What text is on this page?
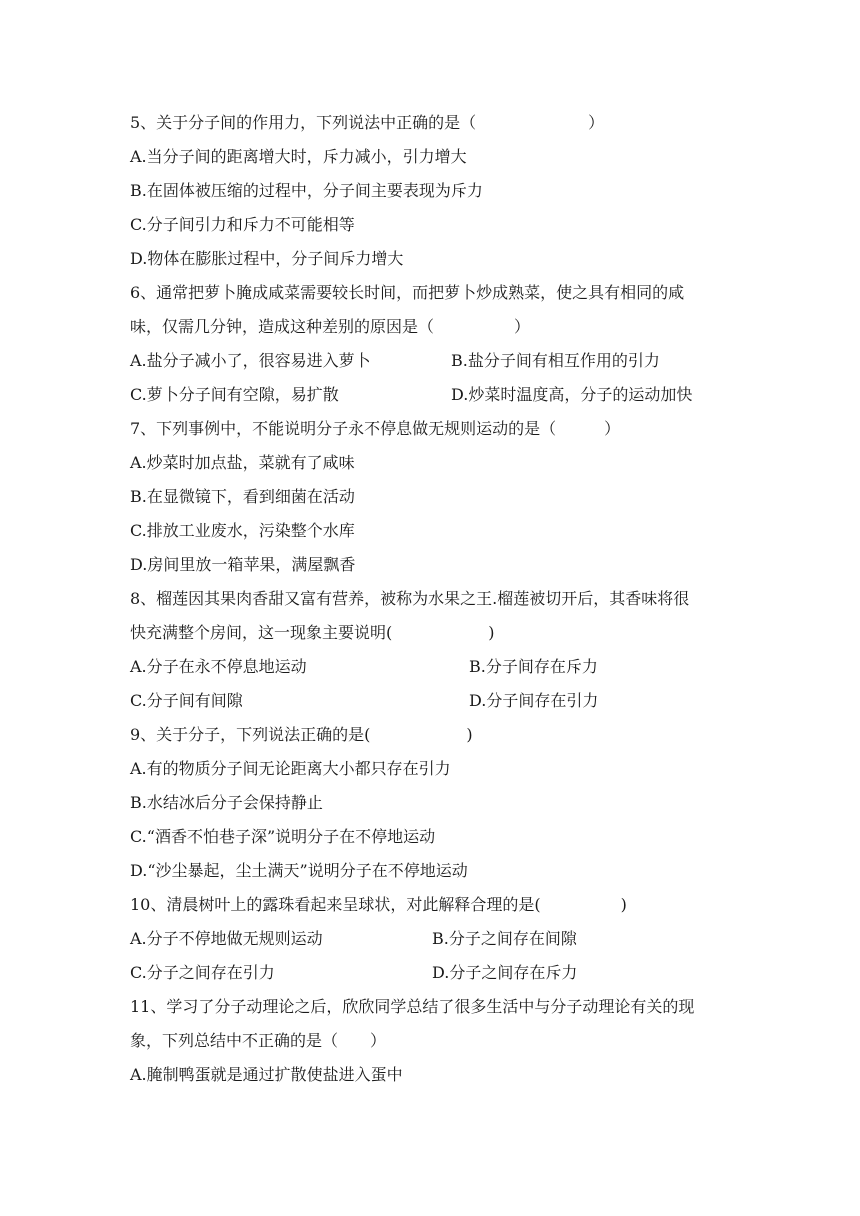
5、关于分子间的作用力，下列说法中正确的是（　　　　　　　）
A.当分子间的距离增大时，斥力减小，引力增大
B.在固体被压缩的过程中，分子间主要表现为斥力
C.分子间引力和斥力不可能相等
D.物体在膨胀过程中，分子间斥力增大
6、通常把萝卜腌成咸菜需要较长时间，而把萝卜炒成熟菜，使之具有相同的咸
味，仅需几分钟，造成这种差别的原因是（　　　　　）
A.盐分子减小了，很容易进入萝卜	B.盐分子间有相互作用的引力
C.萝卜分子间有空隙，易扩散	D.炒菜时温度高，分子的运动加快
7、下列事例中，不能说明分子永不停息做无规则运动的是（　　　）
A.炒菜时加点盐，菜就有了咸味
B.在显微镜下，看到细菌在活动
C.排放工业废水，污染整个水库
D.房间里放一箱苹果，满屋飘香
8、榴莲因其果肉香甜又富有营养，被称为水果之王.榴莲被切开后，其香味将很
快充满整个房间，这一现象主要说明(　　　　　　)
A.分子在永不停息地运动	B.分子间存在斥力
C.分子间有间隙	D.分子间存在引力
9、关于分子，下列说法正确的是(　　　　　　)
A.有的物质分子间无论距离大小都只存在引力
B.水结冰后分子会保持静止
C.“酒香不怕巷子深”说明分子在不停地运动
D.“沙尘暴起，尘土满天”说明分子在不停地运动
10、清晨树叶上的露珠看起来呈球状，对此解释合理的是(　　　　　)
A.分子不停地做无规则运动	B.分子之间存在间隙
C.分子之间存在引力	D.分子之间存在斥力
11、学习了分子动理论之后，欣欣同学总结了很多生活中与分子动理论有关的现
象，下列总结中不正确的是（　　）
A.腌制鸭蛋就是通过扩散使盐进入蛋中
